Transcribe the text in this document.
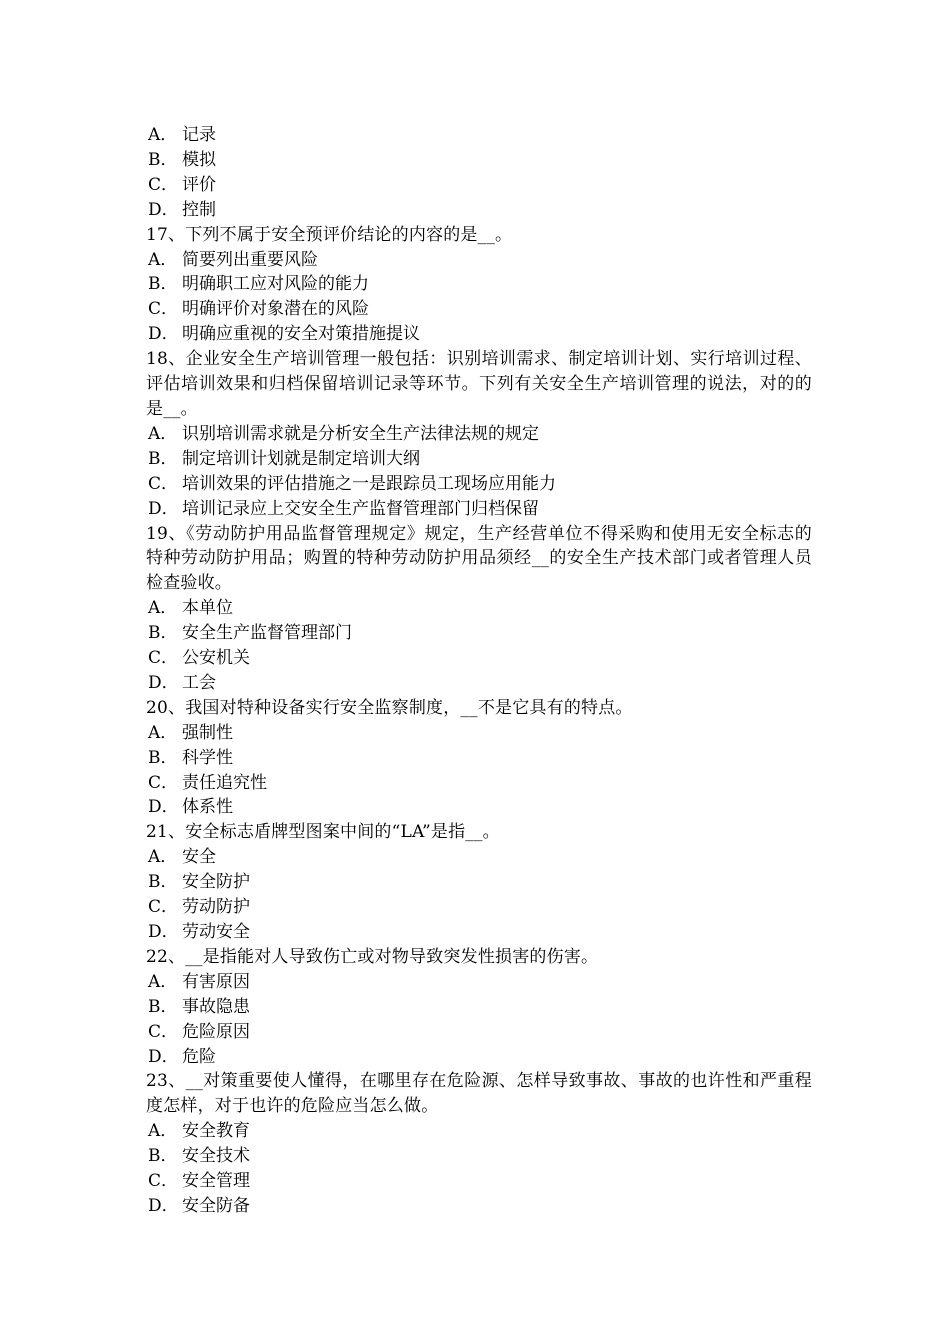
A． 记录
B． 模拟
C． 评价
D． 控制
17、下列不属于安全预评价结论的内容的是__。
A． 简要列出重要风险
B． 明确职工应对风险的能力
C． 明确评价对象潜在的风险
D． 明确应重视的安全对策措施提议
18、企业安全生产培训管理一般包括：识别培训需求、制定培训计划、实行培训过程、评估培训效果和归档保留培训记录等环节。下列有关安全生产培训管理的说法，对的的是__。
A． 识别培训需求就是分析安全生产法律法规的规定
B． 制定培训计划就是制定培训大纲
C． 培训效果的评估措施之一是跟踪员工现场应用能力
D． 培训记录应上交安全生产监督管理部门归档保留
19、《劳动防护用品监督管理规定》规定，生产经营单位不得采购和使用无安全标志的特种劳动防护用品；购置的特种劳动防护用品须经__的安全生产技术部门或者管理人员检查验收。
A． 本单位
B． 安全生产监督管理部门
C． 公安机关
D． 工会
20、我国对特种设备实行安全监察制度，__不是它具有的特点。
A． 强制性
B． 科学性
C． 责任追究性
D． 体系性
21、安全标志盾牌型图案中间的“LA”是指__。
A． 安全
B． 安全防护
C． 劳动防护
D． 劳动安全
22、__是指能对人导致伤亡或对物导致突发性损害的伤害。
A． 有害原因
B． 事故隐患
C． 危险原因
D． 危险
23、__对策重要使人懂得，在哪里存在危险源、怎样导致事故、事故的也许性和严重程度怎样，对于也许的危险应当怎么做。
A． 安全教育
B． 安全技术
C． 安全管理
D． 安全防备
